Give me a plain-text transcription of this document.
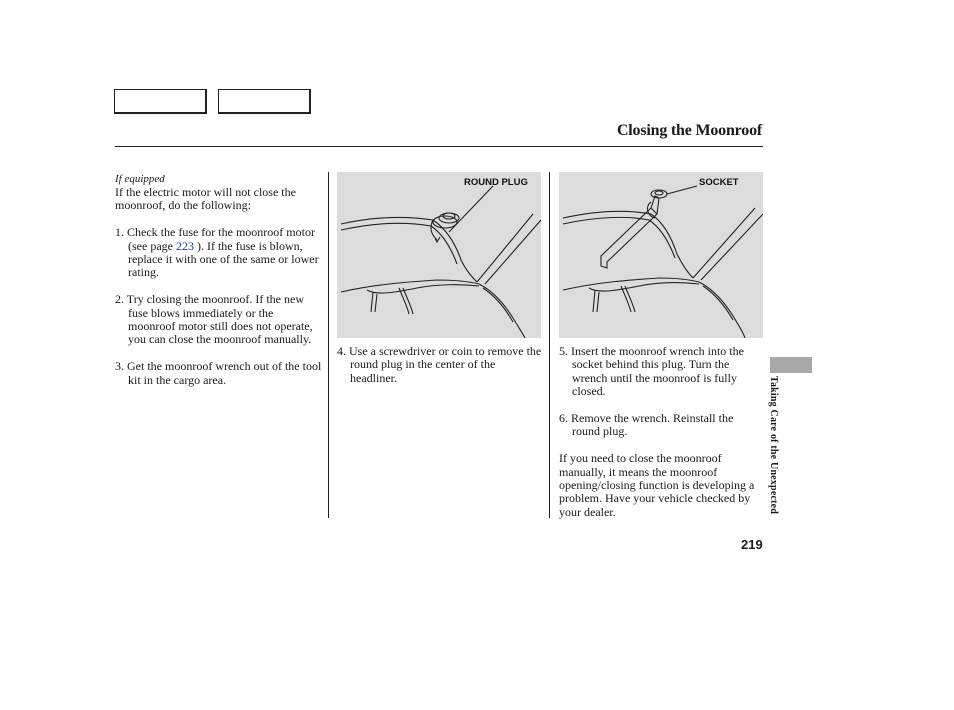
Closing the Moonroof
If equipped

If the electric motor will not close the moonroof, do the following:

1. Check the fuse for the moonroof motor (see page 223 ). If the fuse is blown, replace it with one of the same or lower rating.

2. Try closing the moonroof. If the new fuse blows immediately or the moonroof motor still does not operate, you can close the moonroof manually.

3. Get the moonroof wrench out of the tool kit in the cargo area.

ROUND PLUG	SOCKET

4. Use a screwdriver or coin to remove the round plug in the center of the headliner.

5. Insert the moonroof wrench into the socket behind this plug. Turn the wrench until the moonroof is fully closed.

6. Remove the wrench. Reinstall the round plug.

If you need to close the moonroof manually, it means the moonroof opening/closing function is developing a problem. Have your vehicle checked by your dealer.

219
Taking Care of the Unexpected
